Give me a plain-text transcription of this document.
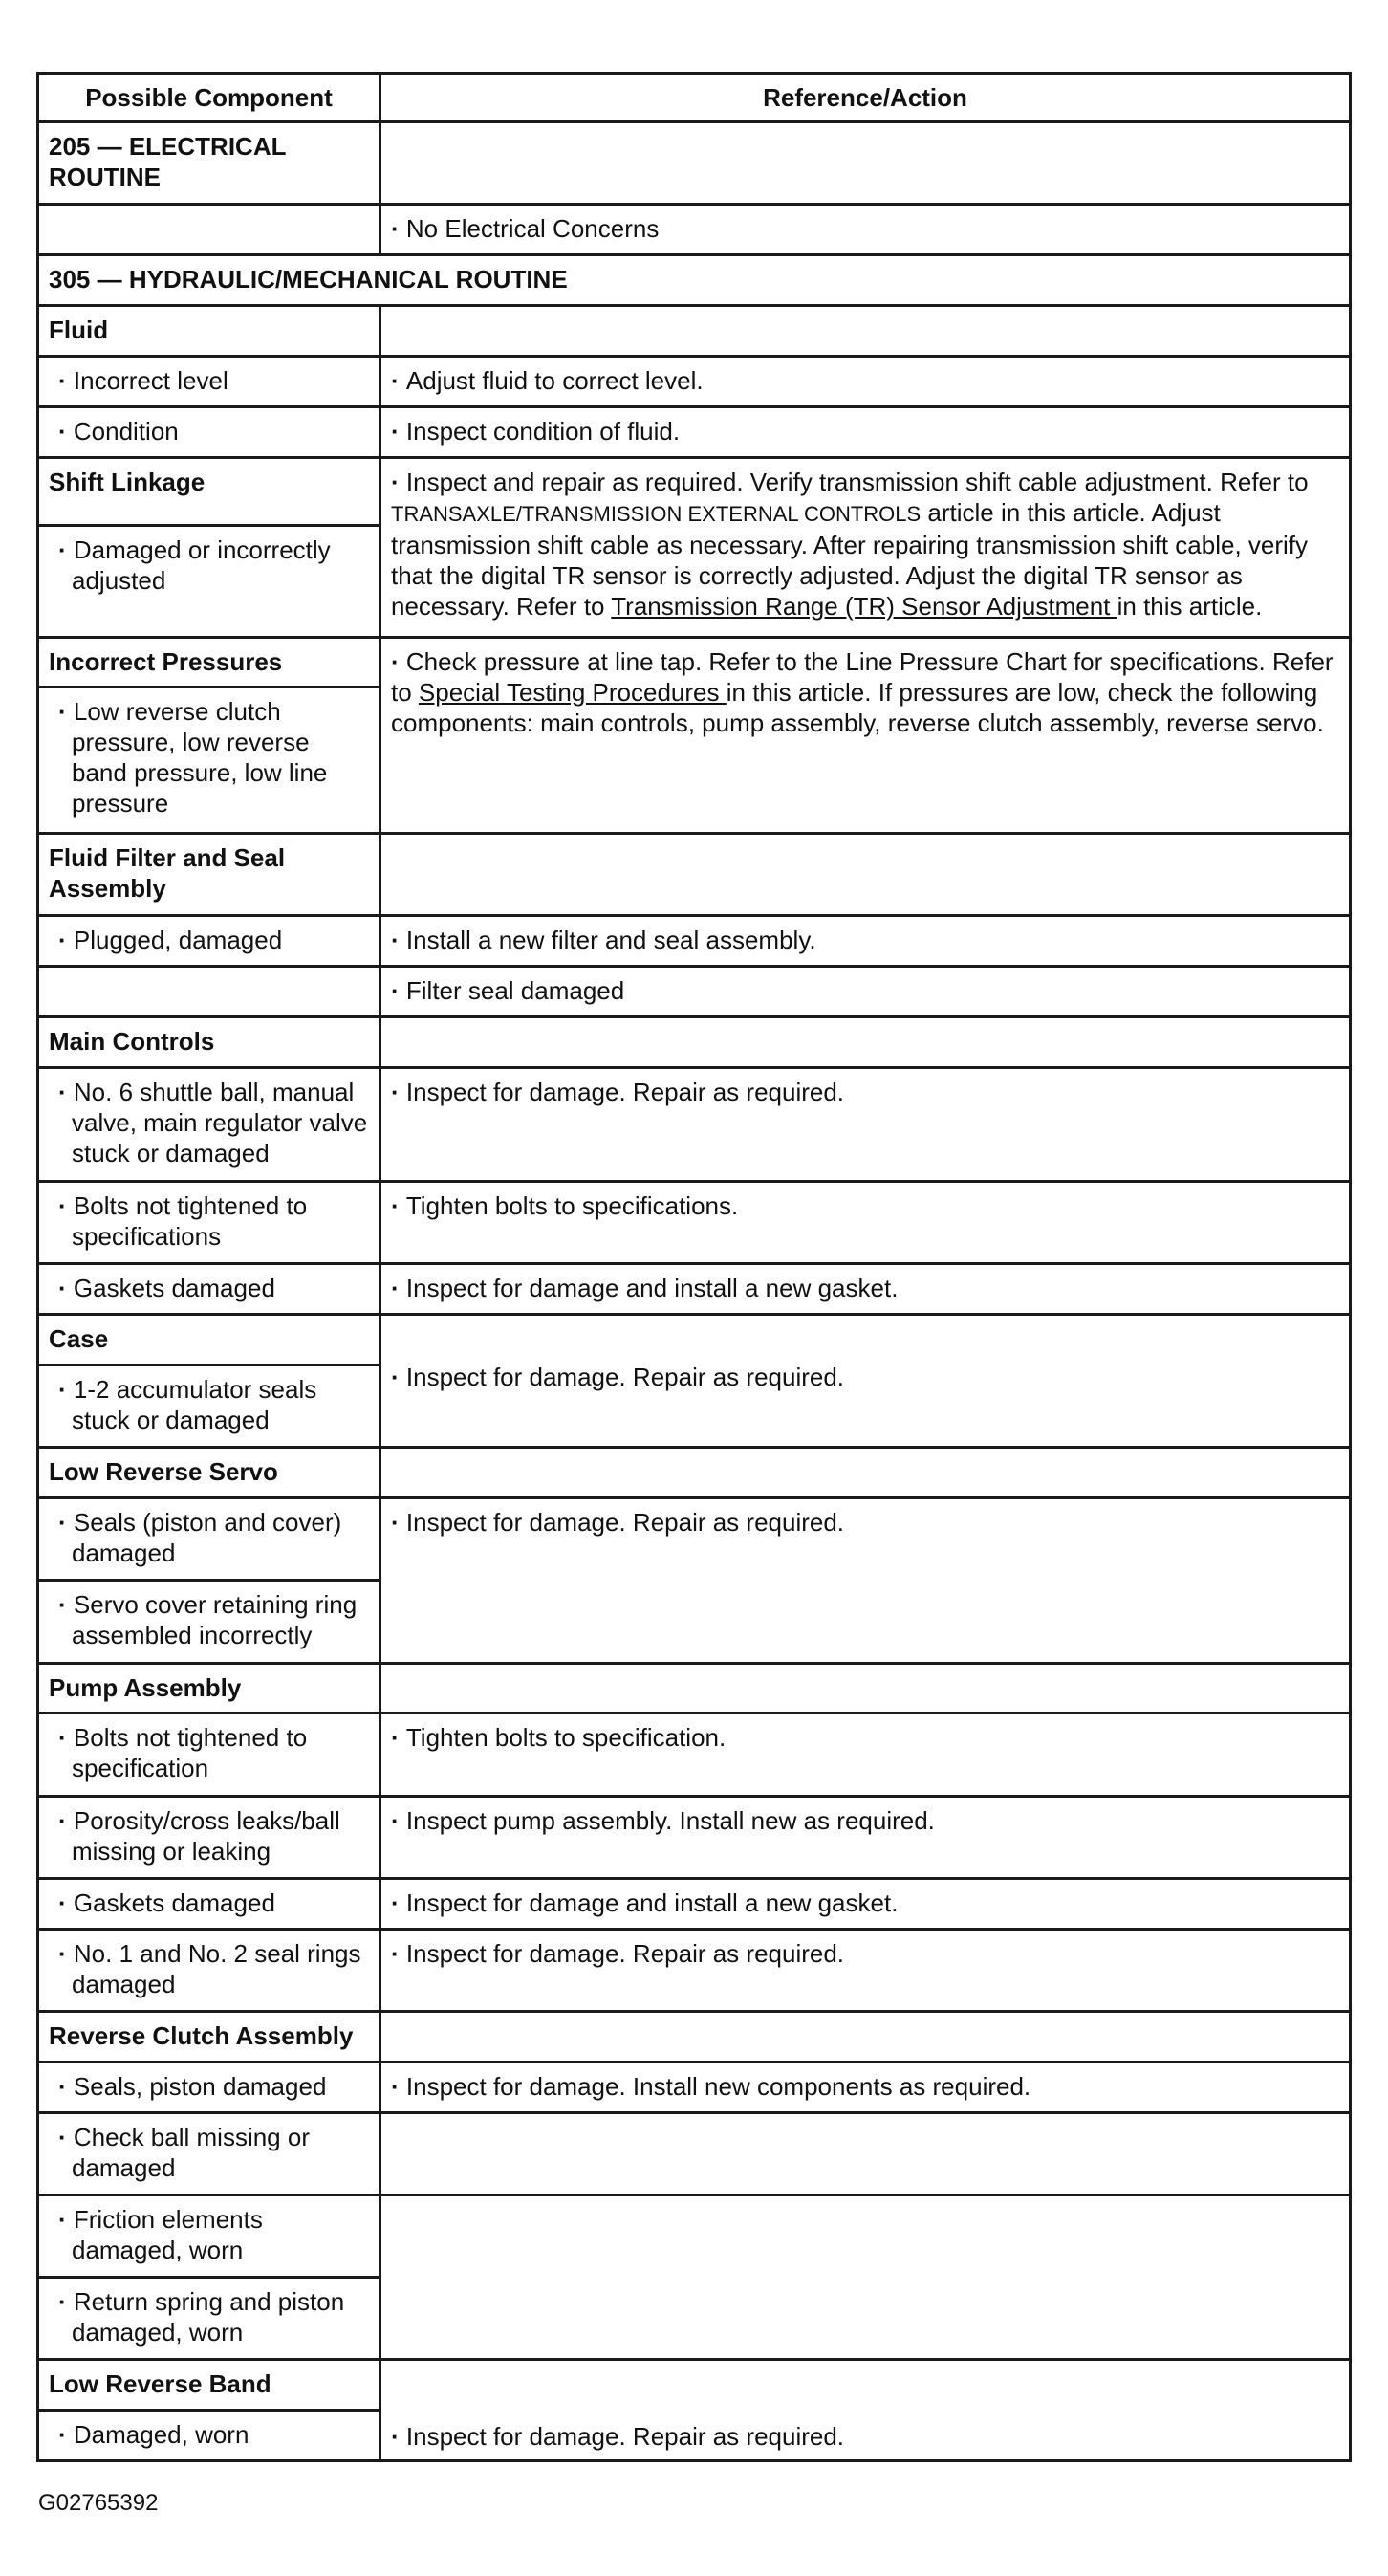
Possible Component	Reference/Action
205 — ELECTRICAL ROUTINE	
	· No Electrical Concerns
305 — HYDRAULIC/MECHANICAL ROUTINE	
Fluid	
· Incorrect level	· Adjust fluid to correct level.
· Condition	· Inspect condition of fluid.
Shift Linkage	· Inspect and repair as required. Verify transmission shift cable adjustment. Refer to TRANSAXLE/TRANSMISSION EXTERNAL CONTROLS article in this article. Adjust transmission shift cable as necessary. After repairing transmission shift cable, verify that the digital TR sensor is correctly adjusted. Adjust the digital TR sensor as necessary. Refer to Transmission Range (TR) Sensor Adjustment in this article.
· Damaged or incorrectly adjusted
Incorrect Pressures	· Check pressure at line tap. Refer to the Line Pressure Chart for specifications. Refer to Special Testing Procedures in this article. If pressures are low, check the following components: main controls, pump assembly, reverse clutch assembly, reverse servo.
· Low reverse clutch pressure, low reverse band pressure, low line pressure
Fluid Filter and Seal Assembly	
· Plugged, damaged	· Install a new filter and seal assembly.
	· Filter seal damaged
Main Controls	
· No. 6 shuttle ball, manual valve, main regulator valve stuck or damaged	· Inspect for damage. Repair as required.
· Bolts not tightened to specifications	· Tighten bolts to specifications.
· Gaskets damaged	· Inspect for damage and install a new gasket.
Case	· Inspect for damage. Repair as required.
· 1-2 accumulator seals stuck or damaged
Low Reverse Servo	
· Seals (piston and cover) damaged	· Inspect for damage. Repair as required.
· Servo cover retaining ring assembled incorrectly
Pump Assembly	
· Bolts not tightened to specification	· Tighten bolts to specification.
· Porosity/cross leaks/ball missing or leaking	· Inspect pump assembly. Install new as required.
· Gaskets damaged	· Inspect for damage and install a new gasket.
· No. 1 and No. 2 seal rings damaged	· Inspect for damage. Repair as required.
Reverse Clutch Assembly	
· Seals, piston damaged	· Inspect for damage. Install new components as required.
· Check ball missing or damaged	
· Friction elements damaged, worn	
· Return spring and piston damaged, worn
Low Reverse Band	· Inspect for damage. Repair as required.
· Damaged, worn
G02765392
